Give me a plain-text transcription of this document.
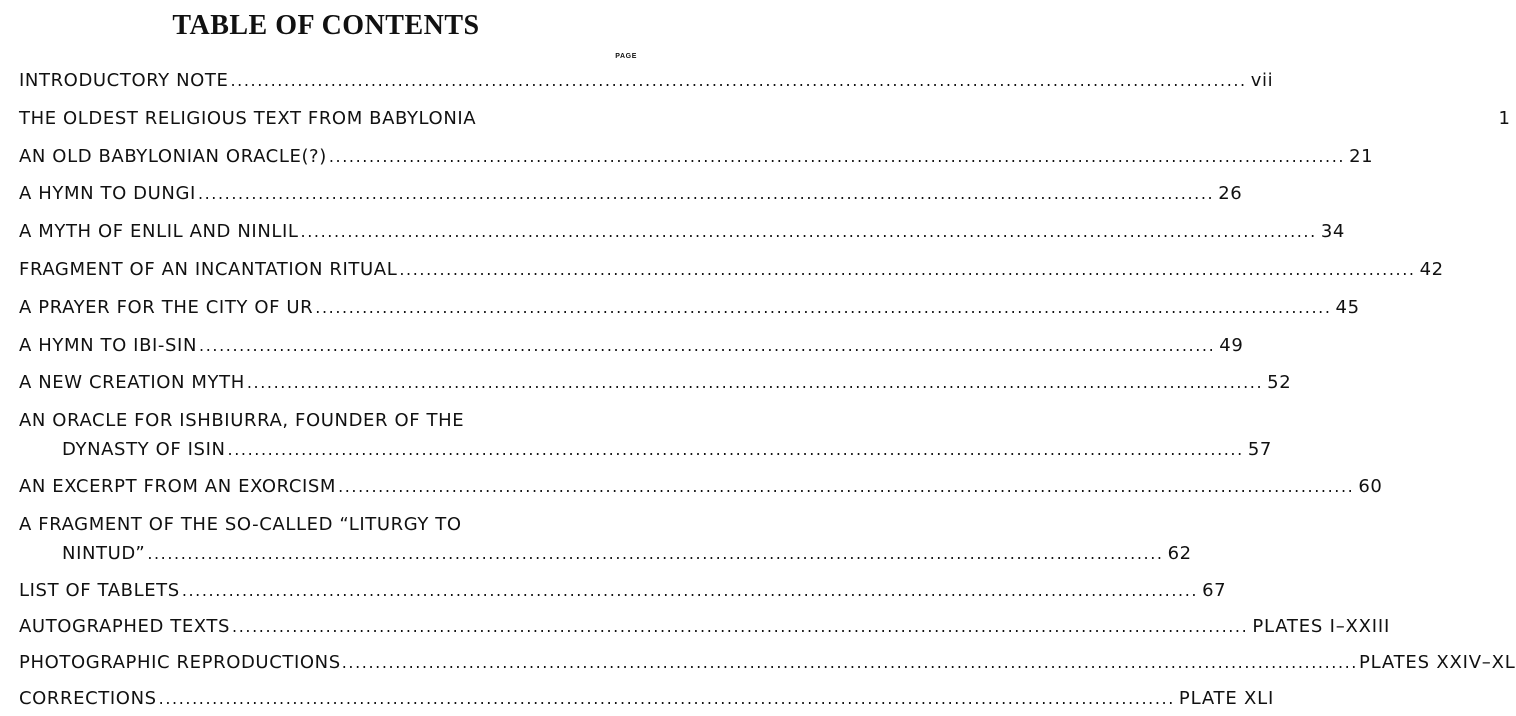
TABLE OF CONTENTS
PAGE
INTRODUCTORY NOTE ........................................................................................................................................................ vii
THE OLDEST RELIGIOUS TEXT FROM BABYLONIA	1
AN OLD BABYLONIAN ORACLE(?) ........................................................................................................................................................ 21
A HYMN TO DUNGI ........................................................................................................................................................ 26
A MYTH OF ENLIL AND NINLIL ........................................................................................................................................................ 34
FRAGMENT OF AN INCANTATION RITUAL ........................................................................................................................................................ 42
A PRAYER FOR THE CITY OF UR ........................................................................................................................................................ 45
A HYMN TO IBI-SIN ........................................................................................................................................................ 49
A NEW CREATION MYTH ........................................................................................................................................................ 52
AN ORACLE FOR ISHBIURRA, FOUNDER OF THE
DYNASTY OF ISIN ........................................................................................................................................................ 57
AN EXCERPT FROM AN EXORCISM ........................................................................................................................................................ 60
A FRAGMENT OF THE SO-CALLED “LITURGY TO
NINTUD” ........................................................................................................................................................ 62
LIST OF TABLETS ........................................................................................................................................................ 67
AUTOGRAPHED TEXTS ........................................................................................................................................................ PLATES I–XXIII
PHOTOGRAPHIC REPRODUCTIONS ........................................................................................................................................................ PLATES XXIV–XL
CORRECTIONS ........................................................................................................................................................ PLATE XLI
